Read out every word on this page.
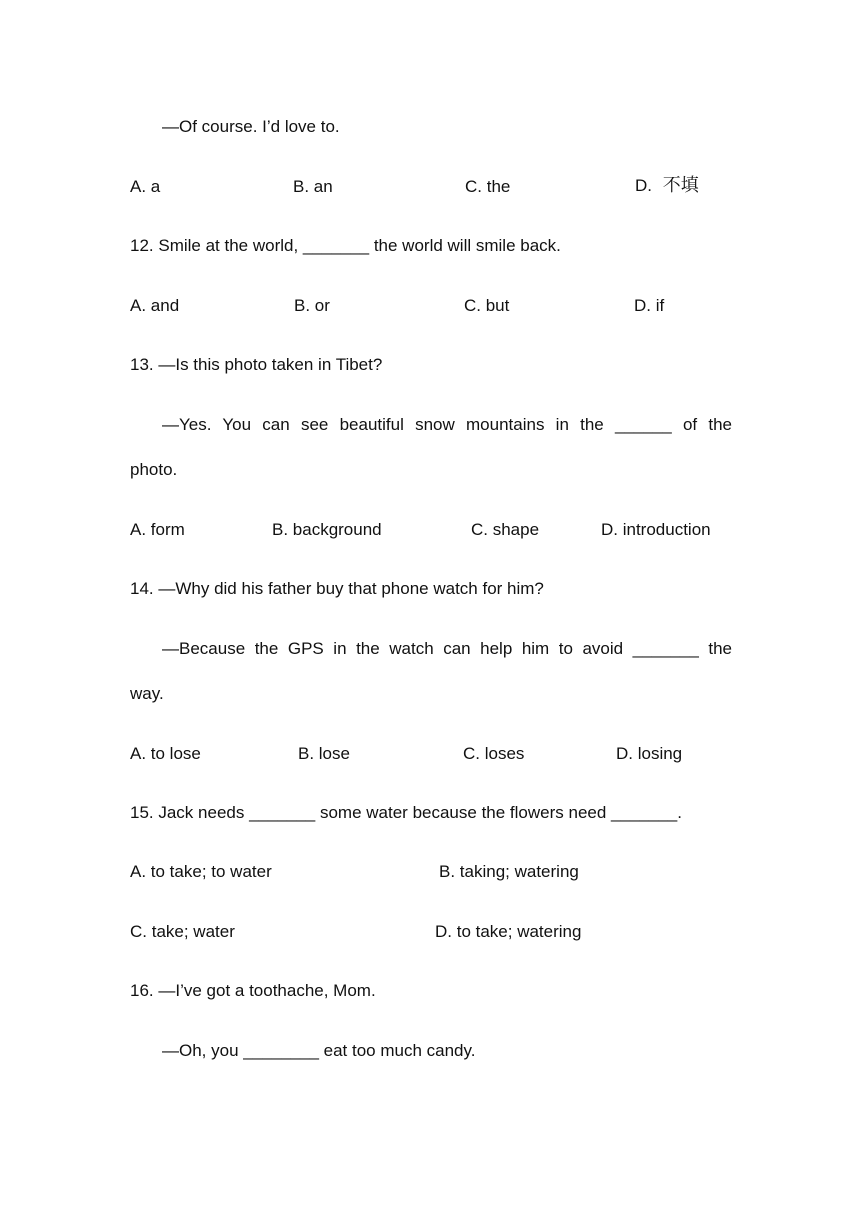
—Of course. I’d love to.
A. a	B. an	C. the	D. 不填
12. Smile at the world, _______ the world will smile back.
A. and	B. or	C. but	D. if
13. —Is this photo taken in Tibet?
—Yes. You can see beautiful snow mountains in the ______ of the
photo.
A. form	B. background	C. shape	D. introduction
14. —Why did his father buy that phone watch for him?
—Because the GPS in the watch can help him to avoid _______ the
way.
A. to lose	B. lose	C. loses	D. losing
15. Jack needs _______ some water because the flowers need _______.
A. to take; to water	B. taking; watering
C. take; water	D. to take; watering
16. —I’ve got a toothache, Mom.
—Oh, you ________ eat too much candy.
